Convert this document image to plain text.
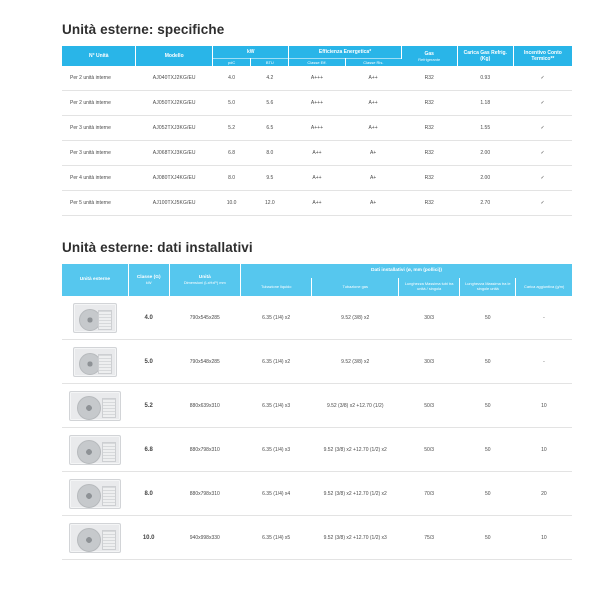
Unità esterne: specifiche
N° Unità	Modello	kW		Efficienza Energetica*		Gas
Refrigerante	Carica Gas Refrig. (Kg)	Incentivo Conto Termico**

		pdC	BTU	Classe Eff.	Classe Ris.			
Per 2 unità interne	AJ040TXJ2KG/EU	4.0	4.2	A+++	A++	R32	0.93	✓
Per 2 unità interne	AJ050TXJ2KG/EU	5.0	5.6	A+++	A++	R32	1.18	✓
Per 3 unità interne	AJ052TXJ3KG/EU	5.2	6.5	A+++	A++	R32	1.55	✓
Per 3 unità interne	AJ068TXJ3KG/EU	6.8	8.0	A++	A+	R32	2.00	✓
Per 4 unità interne	AJ080TXJ4KG/EU	8.0	9.5	A++	A+	R32	2.00	✓
Per 5 unità interne	AJ100TXJ5KG/EU	10.0	12.0	A++	A+	R32	2.70	✓
Unità esterne: dati installativi
Unità esterne	Classe (G)
kW	Unità
Dimensioni (LxHxP) mm	Dati installativi (ø, mm (pollici))				

			Tubazione liquido	Tubazione gas	Lunghezza Massima tubi tra unità / singola	Lunghezza Massima tra le singole unità	Carica aggiuntiva (g/m)

	4.0	790x545x285	6.35 (1/4) x2	9.52 (3/8) x2	30/3	50	-

	5.0	790x548x285	6.35 (1/4) x2	9.52 (3/8) x2	30/3	50	-

	5.2	880x639x310	6.35 (1/4) x3	9.52 (3/8) x2 +12.70 (1/2)	50/3	50	10

	6.8	880x798x310	6.35 (1/4) x3	9.52 (3/8) x2 +12.70 (1/2) x2	50/3	50	10

	8.0	880x798x310	6.35 (1/4) x4	9.52 (3/8) x2 +12.70 (1/2) x2	70/3	50	20

	10.0	940x998x330	6.35 (1/4) x5	9.52 (3/8) x2 +12.70 (1/2) x3	75/3	50	10
